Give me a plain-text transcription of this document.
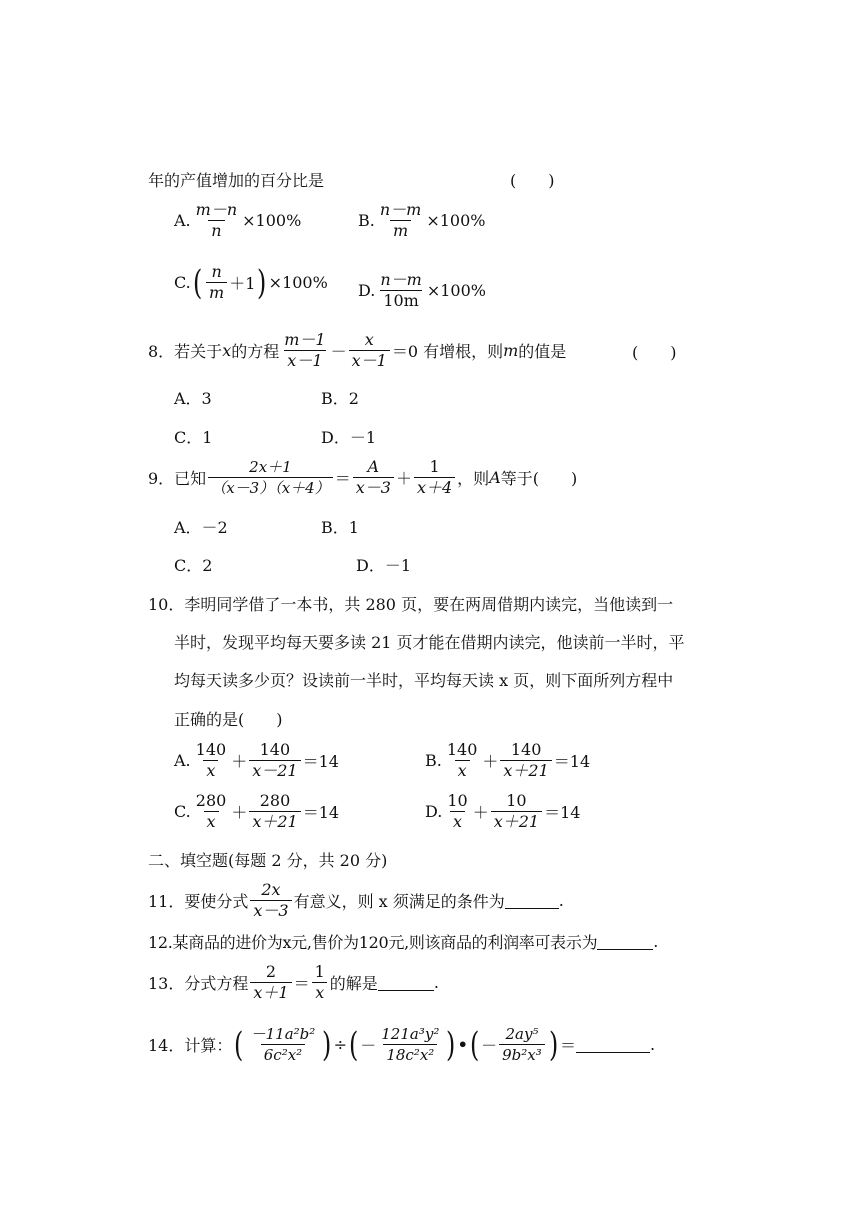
年的产值增加的百分比是	(　　)
A. $\frac{m-n}{n} \times 100\%$	B. $\frac{n-m}{m} \times 100\%$
C. ( $\frac{n}{m} +1$ ) ×100% D. $\frac{n-m}{10m} \times 100\%$
8．若关于 x 的方程 $\frac{m-1}{x-1} - \frac{x}{x-1} =0$ 有增根，则 m 的值是	(　　)
A．3	B．2
C．1	D．－1
9．已知 $\frac{2x+1}{(x-3)(x+4)} = \frac{A}{x-3} + \frac{1}{x+4}$ ，则 A 等于(　　)
A．－2	B．1
C．2	D．－1
10．李明同学借了一本书，共 280 页，要在两周借期内读完，当他读到一
半时，发现平均每天要多读 21 页才能在借期内读完，他读前一半时，平
均每天读多少页？设读前一半时，平均每天读 x 页，则下面所列方程中
正确的是(　　)
A. $\frac{140}{x} + \frac{140}{x-21} =14$	B. $\frac{140}{x} + \frac{140}{x+21} =14$
C. $\frac{280}{x} + \frac{280}{x+21} =14$	D. $\frac{10}{x} + \frac{10}{x+21} =14$
二、填空题(每题 2 分，共 20 分)
11．要使分式 $\frac{2x}{x-3}$ 有意义，则 x 须满足的条件为	.
12.某商品的进价为x元,售价为120元,则该商品的利润率可表示为	.
13．分式方程 $\frac{2}{x+1} = \frac{1}{x}$ 的解是	.
14．计算： ( $\frac{\text{－11a²b²}}{\text{6c²x²}}$ ) ÷ ( － $\frac{\text{121a³y²}}{\text{18c²x²}}$ ) • ( － $\frac{\text{2ay⁵}}{\text{9b²x³}}$ ) ＝	.
